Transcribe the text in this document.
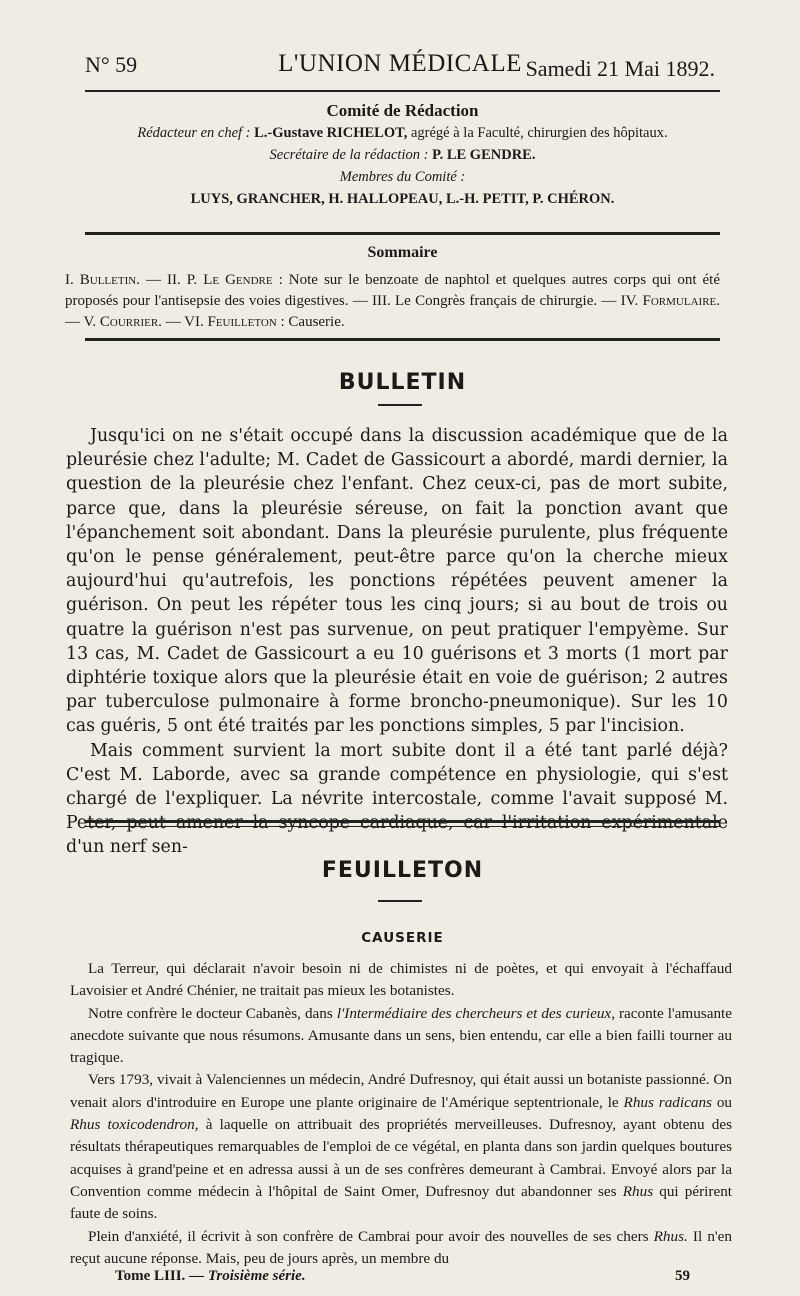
N° 59	L'UNION MÉDICALE Samedi 21 Mai 1892.
Comité de Rédaction
Rédacteur en chef : L.-Gustave RICHELOT, agrégé à la Faculté, chirurgien des hôpitaux.
Secrétaire de la rédaction : P. LE GENDRE.
Membres du Comité :
LUYS, GRANCHER, H. HALLOPEAU, L.-H. PETIT, P. CHÉRON.
Sommaire
I. Bulletin. — II. P. Le Gendre : Note sur le benzoate de naphtol et quelques autres corps qui ont été proposés pour l'antisepsie des voies digestives. — III. Le Congrès français de chirurgie. — IV. Formulaire. — V. Courrier. — VI. Feuilleton : Causerie.
BULLETIN

Jusqu'ici on ne s'était occupé dans la discussion académique que de la pleurésie chez l'adulte; M. Cadet de Gassicourt a abordé, mardi dernier, la question de la pleurésie chez l'enfant. Chez ceux-ci, pas de mort subite, parce que, dans la pleurésie séreuse, on fait la ponction avant que l'épanchement soit abondant. Dans la pleurésie purulente, plus fréquente qu'on le pense généralement, peut-être parce qu'on la cherche mieux aujourd'hui qu'autrefois, les ponctions répétées peuvent amener la guérison. On peut les répéter tous les cinq jours; si au bout de trois ou quatre la guérison n'est pas survenue, on peut pratiquer l'empyème. Sur 13 cas, M. Cadet de Gassicourt a eu 10 guérisons et 3 morts (1 mort par diphtérie toxique alors que la pleurésie était en voie de guérison; 2 autres par tuberculose pulmonaire à forme broncho-pneumonique). Sur les 10 cas guéris, 5 ont été traités par les ponctions simples, 5 par l'incision.

Mais comment survient la mort subite dont il a été tant parlé déjà? C'est M. Laborde, avec sa grande compétence en physiologie, qui s'est chargé de l'expliquer. La névrite intercostale, comme l'avait supposé M. Peter, peut amener la syncope cardiaque, car l'irritation expérimentale d'un nerf sen-

FEUILLETON
CAUSERIE

La Terreur, qui déclarait n'avoir besoin ni de chimistes ni de poètes, et qui envoyait à l'échaffaud Lavoisier et André Chénier, ne traitait pas mieux les botanistes.

Notre confrère le docteur Cabanès, dans l'Intermédiaire des chercheurs et des curieux, raconte l'amusante anecdote suivante que nous résumons. Amusante dans un sens, bien entendu, car elle a bien failli tourner au tragique.

Vers 1793, vivait à Valenciennes un médecin, André Dufresnoy, qui était aussi un botaniste passionné. On venait alors d'introduire en Europe une plante originaire de l'Amérique septentrionale, le Rhus radicans ou Rhus toxicodendron, à laquelle on attribuait des propriétés merveilleuses. Dufresnoy, ayant obtenu des résultats thérapeutiques remarquables de l'emploi de ce végétal, en planta dans son jardin quelques boutures acquises à grand'peine et en adressa aussi à un de ses confrères demeurant à Cambrai. Envoyé alors par la Convention comme médecin à l'hôpital de Saint Omer, Dufresnoy dut abandonner ses Rhus qui périrent faute de soins.

Plein d'anxiété, il écrivit à son confrère de Cambrai pour avoir des nouvelles de ses chers Rhus. Il n'en reçut aucune réponse. Mais, peu de jours après, un membre du

Tome LIII. — Troisième série.	59
